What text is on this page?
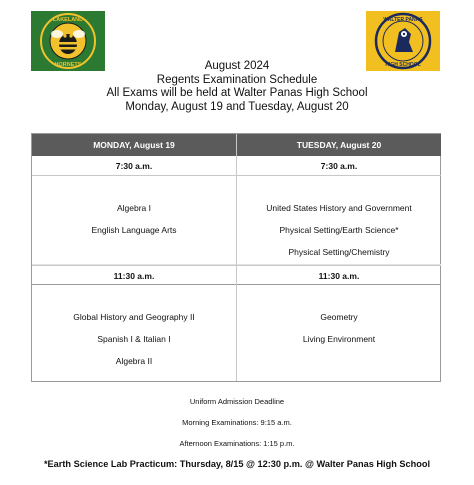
LAKELAND
HORNETS
WALTER PANAS
HIGH SCHOOL
August 2024
Regents Examination Schedule
All Exams will be held at Walter Panas High School
Monday, August 19 and Tuesday, August 20
MONDAY, August 19
7:30 a.m.
Algebra I
English Language Arts
11:30 a.m.
Global History and Geography II
Spanish I & Italian I
Algebra II
TUESDAY, August 20
7:30 a.m.
United States History and Government
Physical Setting/Earth Science*
Physical Setting/Chemistry
11:30 a.m.
Geometry
Living Environment
Uniform Admission Deadline
Morning Examinations: 9:15 a.m.
Afternoon Examinations: 1:15 p.m.
*Earth Science Lab Practicum: Thursday, 8/15 @ 12:30 p.m. @ Walter Panas High School
